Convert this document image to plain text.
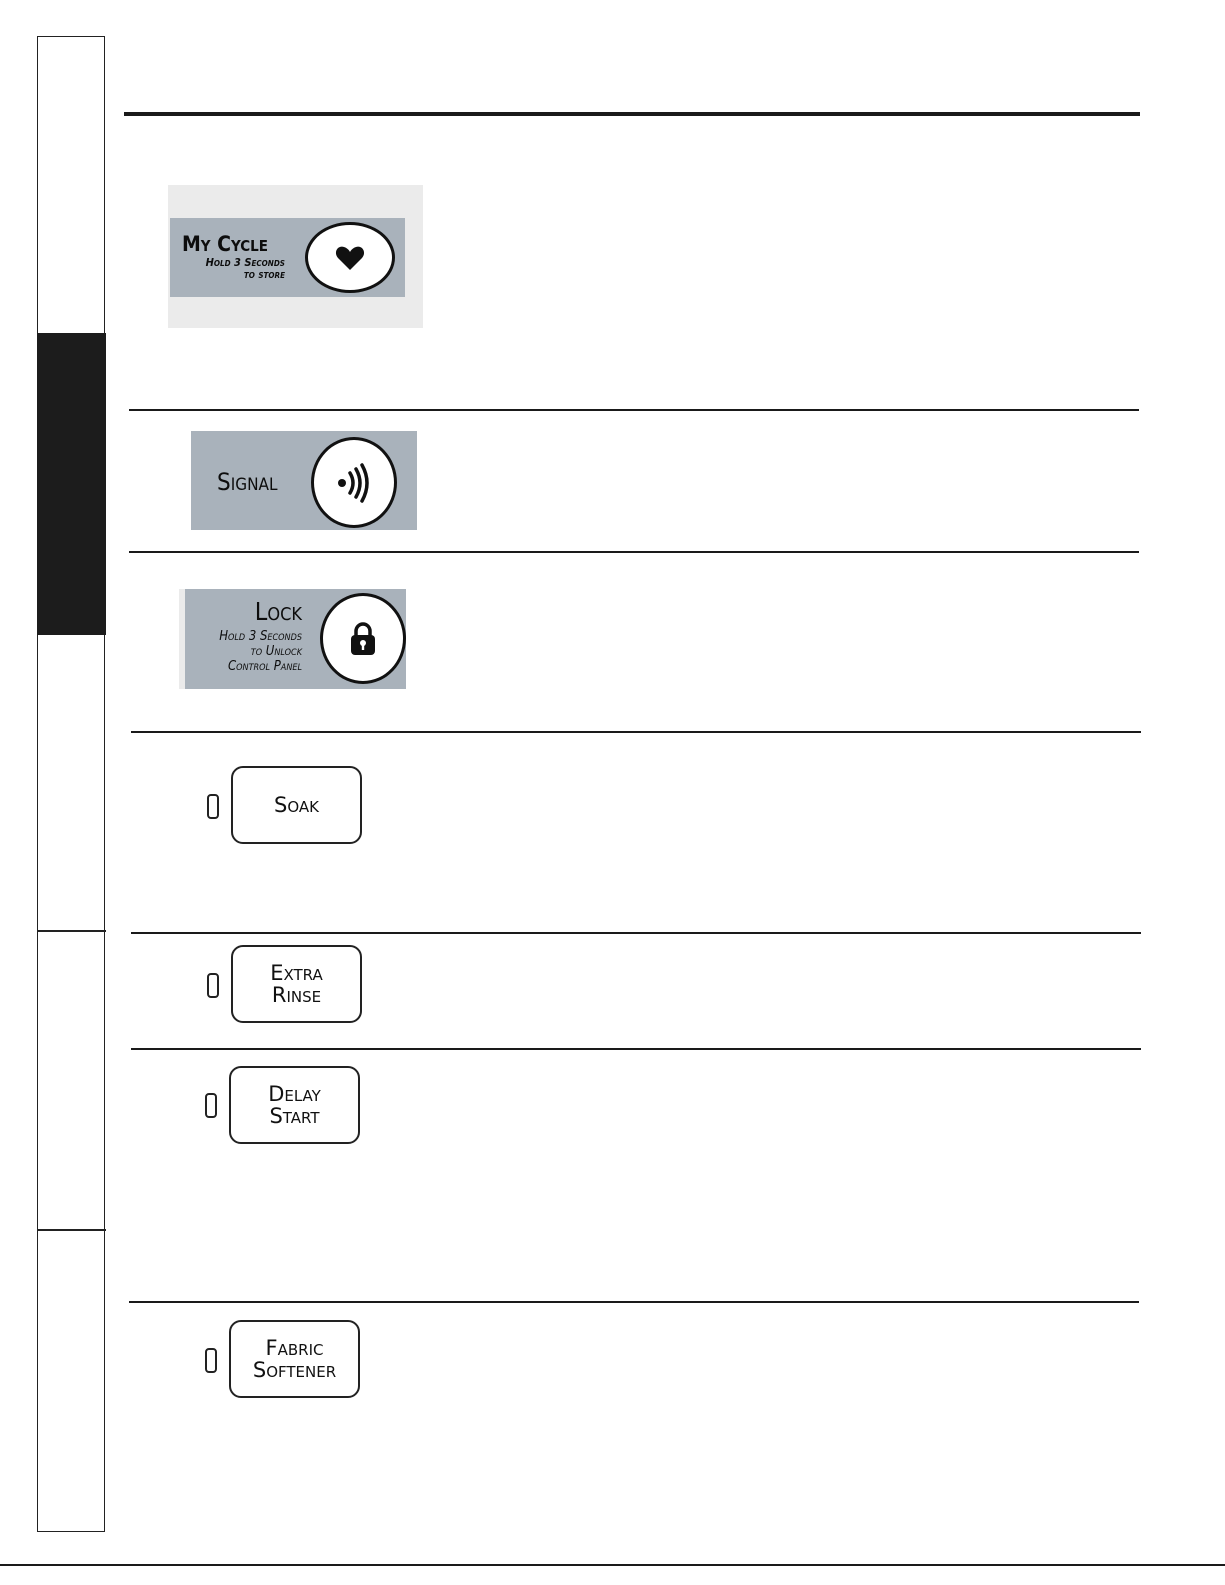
My Cycle
Hold 3 Seconds
to store
Signal
Lock
Hold 3 Seconds
to Unlock
Control Panel
Soak
Extra
Rinse
Delay
Start
Fabric
Softener
